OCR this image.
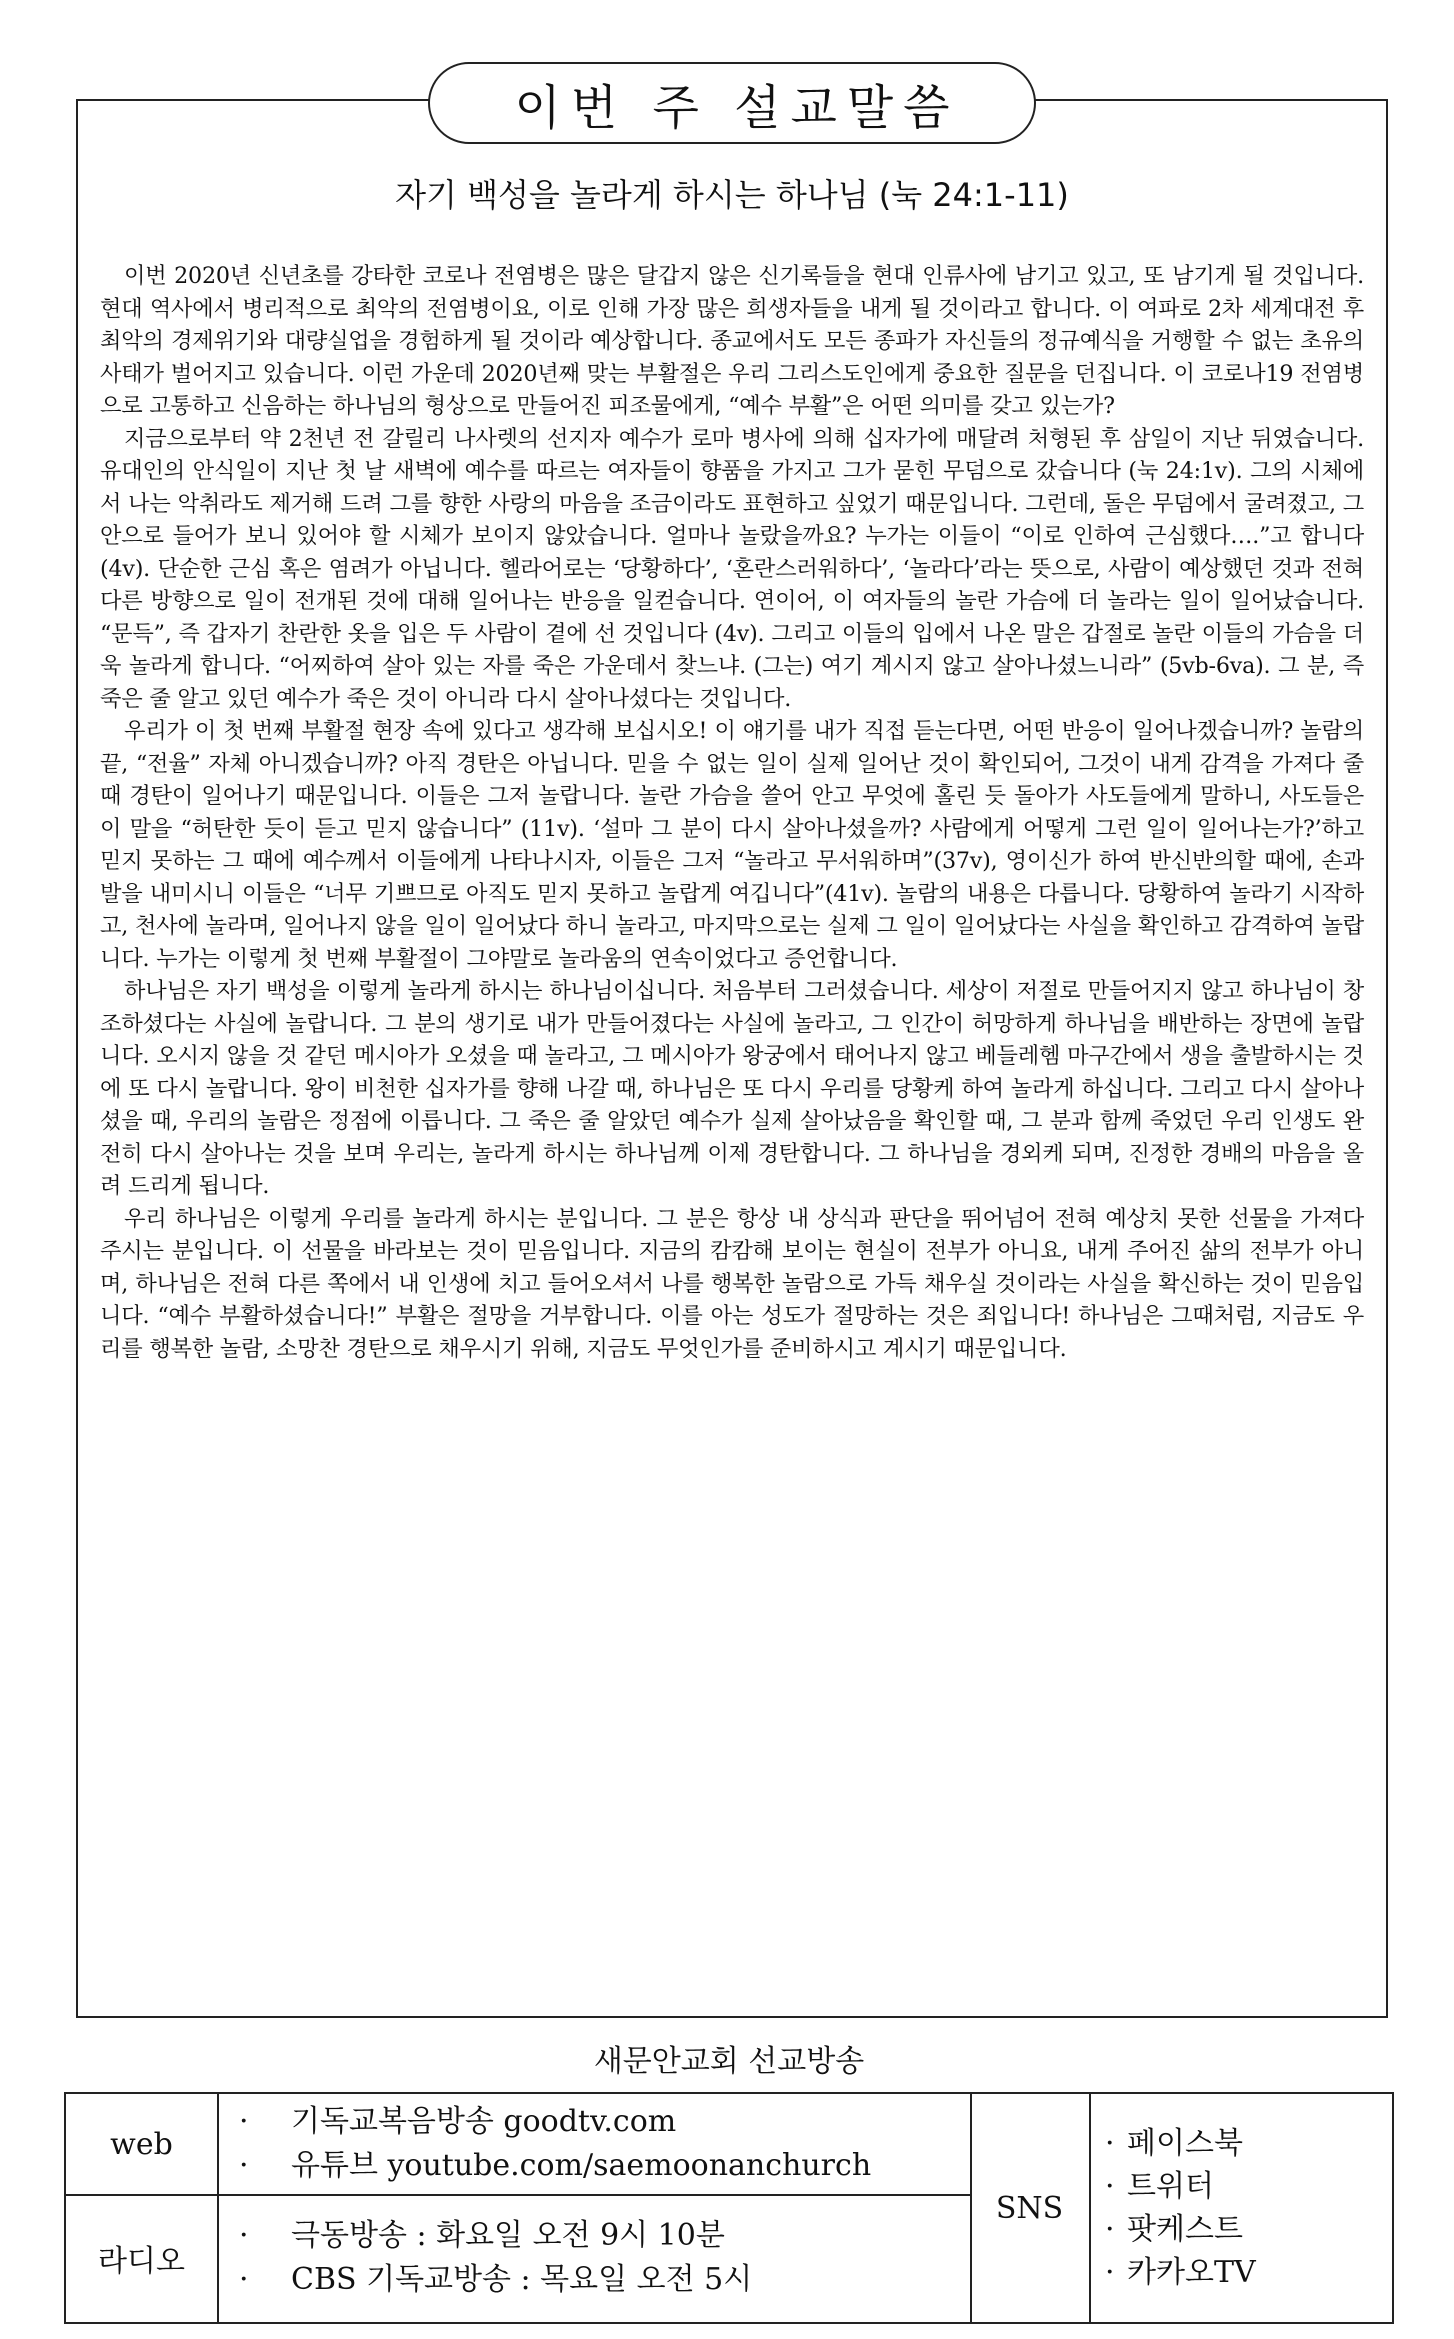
이번 주 설교말씀
자기 백성을 놀라게 하시는 하나님 (눅 24:1-11)

이번 2020년 신년초를 강타한 코로나 전염병은 많은 달갑지 않은 신기록들을 현대 인류사에 남기고 있고, 또 남기게 될 것입니다. 현대 역사에서 병리적으로 최악의 전염병이요, 이로 인해 가장 많은 희생자들을 내게 될 것이라고 합니다. 이 여파로 2차 세계대전 후 최악의 경제위기와 대량실업을 경험하게 될 것이라 예상합니다. 종교에서도 모든 종파가 자신들의 정규예식을 거행할 수 없는 초유의 사태가 벌어지고 있습니다. 이런 가운데 2020년째 맞는 부활절은 우리 그리스도인에게 중요한 질문을 던집니다. 이 코로나19 전염병으로 고통하고 신음하는 하나님의 형상으로 만들어진 피조물에게, “예수 부활”은 어떤 의미를 갖고 있는가?

지금으로부터 약 2천년 전 갈릴리 나사렛의 선지자 예수가 로마 병사에 의해 십자가에 매달려 처형된 후 삼일이 지난 뒤였습니다. 유대인의 안식일이 지난 첫 날 새벽에 예수를 따르는 여자들이 향품을 가지고 그가 묻힌 무덤으로 갔습니다 (눅 24:1v). 그의 시체에서 나는 악취라도 제거해 드려 그를 향한 사랑의 마음을 조금이라도 표현하고 싶었기 때문입니다. 그런데, 돌은 무덤에서 굴려졌고, 그 안으로 들어가 보니 있어야 할 시체가 보이지 않았습니다. 얼마나 놀랐을까요? 누가는 이들이 “이로 인하여 근심했다….”고 합니다(4v). 단순한 근심 혹은 염려가 아닙니다. 헬라어로는 ‘당황하다’, ‘혼란스러워하다’, ‘놀라다’라는 뜻으로, 사람이 예상했던 것과 전혀 다른 방향으로 일이 전개된 것에 대해 일어나는 반응을 일컫습니다. 연이어, 이 여자들의 놀란 가슴에 더 놀라는 일이 일어났습니다. “문득”, 즉 갑자기 찬란한 옷을 입은 두 사람이 곁에 선 것입니다 (4v). 그리고 이들의 입에서 나온 말은 갑절로 놀란 이들의 가슴을 더욱 놀라게 합니다. “어찌하여 살아 있는 자를 죽은 가운데서 찾느냐. (그는) 여기 계시지 않고 살아나셨느니라” (5vb-6va). 그 분, 즉 죽은 줄 알고 있던 예수가 죽은 것이 아니라 다시 살아나셨다는 것입니다.

우리가 이 첫 번째 부활절 현장 속에 있다고 생각해 보십시오! 이 얘기를 내가 직접 듣는다면, 어떤 반응이 일어나겠습니까? 놀람의 끝, “전율” 자체 아니겠습니까? 아직 경탄은 아닙니다. 믿을 수 없는 일이 실제 일어난 것이 확인되어, 그것이 내게 감격을 가져다 줄 때 경탄이 일어나기 때문입니다. 이들은 그저 놀랍니다. 놀란 가슴을 쓸어 안고 무엇에 홀린 듯 돌아가 사도들에게 말하니, 사도들은 이 말을 “허탄한 듯이 듣고 믿지 않습니다” (11v). ‘설마 그 분이 다시 살아나셨을까? 사람에게 어떻게 그런 일이 일어나는가?’하고 믿지 못하는 그 때에 예수께서 이들에게 나타나시자, 이들은 그저 “놀라고 무서워하며”(37v), 영이신가 하여 반신반의할 때에, 손과 발을 내미시니 이들은 “너무 기쁘므로 아직도 믿지 못하고 놀랍게 여깁니다”(41v). 놀람의 내용은 다릅니다. 당황하여 놀라기 시작하고, 천사에 놀라며, 일어나지 않을 일이 일어났다 하니 놀라고, 마지막으로는 실제 그 일이 일어났다는 사실을 확인하고 감격하여 놀랍니다. 누가는 이렇게 첫 번째 부활절이 그야말로 놀라움의 연속이었다고 증언합니다.

하나님은 자기 백성을 이렇게 놀라게 하시는 하나님이십니다. 처음부터 그러셨습니다. 세상이 저절로 만들어지지 않고 하나님이 창조하셨다는 사실에 놀랍니다. 그 분의 생기로 내가 만들어졌다는 사실에 놀라고, 그 인간이 허망하게 하나님을 배반하는 장면에 놀랍니다. 오시지 않을 것 같던 메시아가 오셨을 때 놀라고, 그 메시아가 왕궁에서 태어나지 않고 베들레헴 마구간에서 생을 출발하시는 것에 또 다시 놀랍니다. 왕이 비천한 십자가를 향해 나갈 때, 하나님은 또 다시 우리를 당황케 하여 놀라게 하십니다. 그리고 다시 살아나셨을 때, 우리의 놀람은 정점에 이릅니다. 그 죽은 줄 알았던 예수가 실제 살아났음을 확인할 때, 그 분과 함께 죽었던 우리 인생도 완전히 다시 살아나는 것을 보며 우리는, 놀라게 하시는 하나님께 이제 경탄합니다. 그 하나님을 경외케 되며, 진정한 경배의 마음을 올려 드리게 됩니다.

우리 하나님은 이렇게 우리를 놀라게 하시는 분입니다. 그 분은 항상 내 상식과 판단을 뛰어넘어 전혀 예상치 못한 선물을 가져다 주시는 분입니다. 이 선물을 바라보는 것이 믿음입니다. 지금의 캄캄해 보이는 현실이 전부가 아니요, 내게 주어진 삶의 전부가 아니며, 하나님은 전혀 다른 쪽에서 내 인생에 치고 들어오셔서 나를 행복한 놀람으로 가득 채우실 것이라는 사실을 확신하는 것이 믿음입니다. “예수 부활하셨습니다!” 부활은 절망을 거부합니다. 이를 아는 성도가 절망하는 것은 죄입니다! 하나님은 그때처럼, 지금도 우리를 행복한 놀람, 소망찬 경탄으로 채우시기 위해, 지금도 무엇인가를 준비하시고 계시기 때문입니다.

새문안교회 선교방송
web
· 기독교복음방송 goodtv.com
· 유튜브 youtube.com/saemoonanchurch
라디오
· 극동방송 : 화요일 오전 9시 10분
· CBS 기독교방송 : 목요일 오전 5시
SNS
· 페이스북
· 트위터
· 팟케스트
· 카카오TV
